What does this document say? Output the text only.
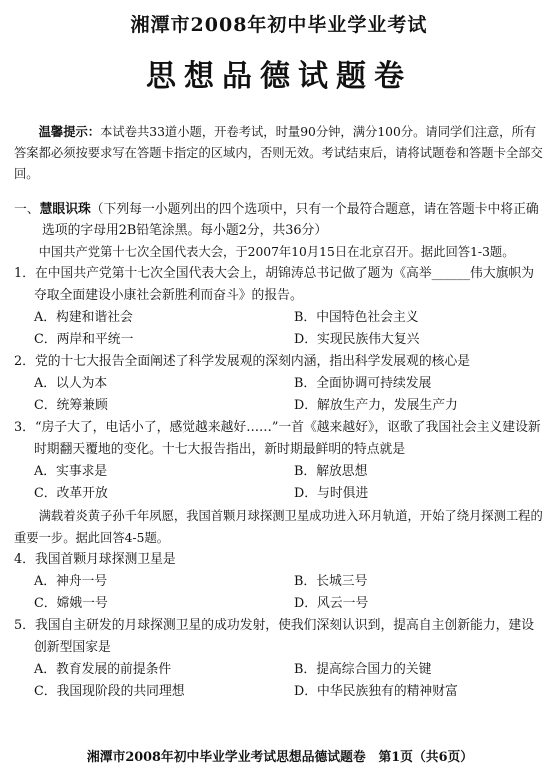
湘潭市2008年初中毕业学业考试
思想品德试题卷

温馨提示：本试卷共33道小题，开卷考试，时量90分钟，满分100分。请同学们注意，所有答案都必须按要求写在答题卡指定的区域内，否则无效。考试结束后，请将试题卷和答题卡全部交回。

一、慧眼识珠（下列每一小题列出的四个选项中，只有一个最符合题意，请在答题卡中将正确选项的字母用2B铅笔涂黑。每小题2分，共36分）

中国共产党第十七次全国代表大会，于2007年10月15日在北京召开。据此回答1-3题。

1．在中国共产党第十七次全国代表大会上，胡锦涛总书记做了题为《高举______伟大旗帜为夺取全面建设小康社会新胜利而奋斗》的报告。

A．构建和谐社会	B．中国特色社会主义
C．两岸和平统一	D．实现民族伟大复兴

2．党的十七大报告全面阐述了科学发展观的深刻内涵，指出科学发展观的核心是

A．以人为本	B．全面协调可持续发展
C．统筹兼顾	D．解放生产力，发展生产力

3．“房子大了，电话小了，感觉越来越好……”一首《越来越好》，讴歌了我国社会主义建设新时期翻天覆地的变化。十七大报告指出，新时期最鲜明的特点就是

A．实事求是	B．解放思想
C．改革开放	D．与时俱进

满载着炎黄子孙千年夙愿，我国首颗月球探测卫星成功进入环月轨道，开始了绕月探测工程的重要一步。据此回答4-5题。

4．我国首颗月球探测卫星是

A．神舟一号	B．长城三号
C．嫦娥一号	D．风云一号

5．我国自主研发的月球探测卫星的成功发射，使我们深刻认识到，提高自主创新能力，建设创新型国家是

A．教育发展的前提条件	B．提高综合国力的关键
C．我国现阶段的共同理想	D．中华民族独有的精神财富
湘潭市2008年初中毕业学业考试思想品德试题卷　第1页（共6页）
